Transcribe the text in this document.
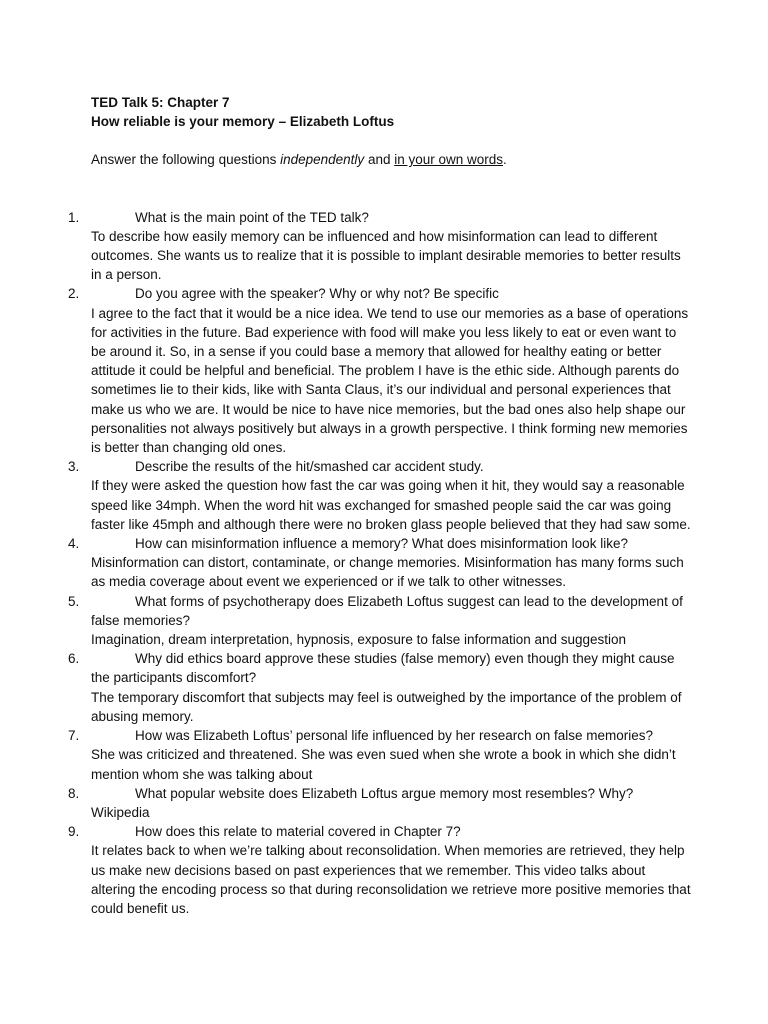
TED Talk 5: Chapter 7
How reliable is your memory – Elizabeth Loftus
Answer the following questions independently and in your own words.
1.	What is the main point of the TED talk?
To describe how easily memory can be influenced and how misinformation can lead to different outcomes. She wants us to realize that it is possible to implant desirable memories to better results in a person.
2.	Do you agree with the speaker? Why or why not? Be specific
I agree to the fact that it would be a nice idea. We tend to use our memories as a base of operations for activities in the future. Bad experience with food will make you less likely to eat or even want to be around it. So, in a sense if you could base a memory that allowed for healthy eating or better attitude it could be helpful and beneficial. The problem I have is the ethic side. Although parents do sometimes lie to their kids, like with Santa Claus, it’s our individual and personal experiences that make us who we are. It would be nice to have nice memories, but the bad ones also help shape our personalities not always positively but always in a growth perspective. I think forming new memories is better than changing old ones.
3.	Describe the results of the hit/smashed car accident study.
If they were asked the question how fast the car was going when it hit, they would say a reasonable speed like 34mph. When the word hit was exchanged for smashed people said the car was going faster like 45mph and although there were no broken glass people believed that they had saw some.
4.	How can misinformation influence a memory? What does misinformation look like?
Misinformation can distort, contaminate, or change memories. Misinformation has many forms such as media coverage about event we experienced or if we talk to other witnesses.
5.	What forms of psychotherapy does Elizabeth Loftus suggest can lead to the development of false memories?
Imagination, dream interpretation, hypnosis, exposure to false information and suggestion
6.	Why did ethics board approve these studies (false memory) even though they might cause the participants discomfort?
The temporary discomfort that subjects may feel is outweighed by the importance of the problem of abusing memory.
7.	How was Elizabeth Loftus’ personal life influenced by her research on false memories?
She was criticized and threatened. She was even sued when she wrote a book in which she didn’t mention whom she was talking about
8.	What popular website does Elizabeth Loftus argue memory most resembles? Why?
Wikipedia
9.	How does this relate to material covered in Chapter 7?
It relates back to when we’re talking about reconsolidation. When memories are retrieved, they help us make new decisions based on past experiences that we remember. This video talks about altering the encoding process so that during reconsolidation we retrieve more positive memories that could benefit us.
